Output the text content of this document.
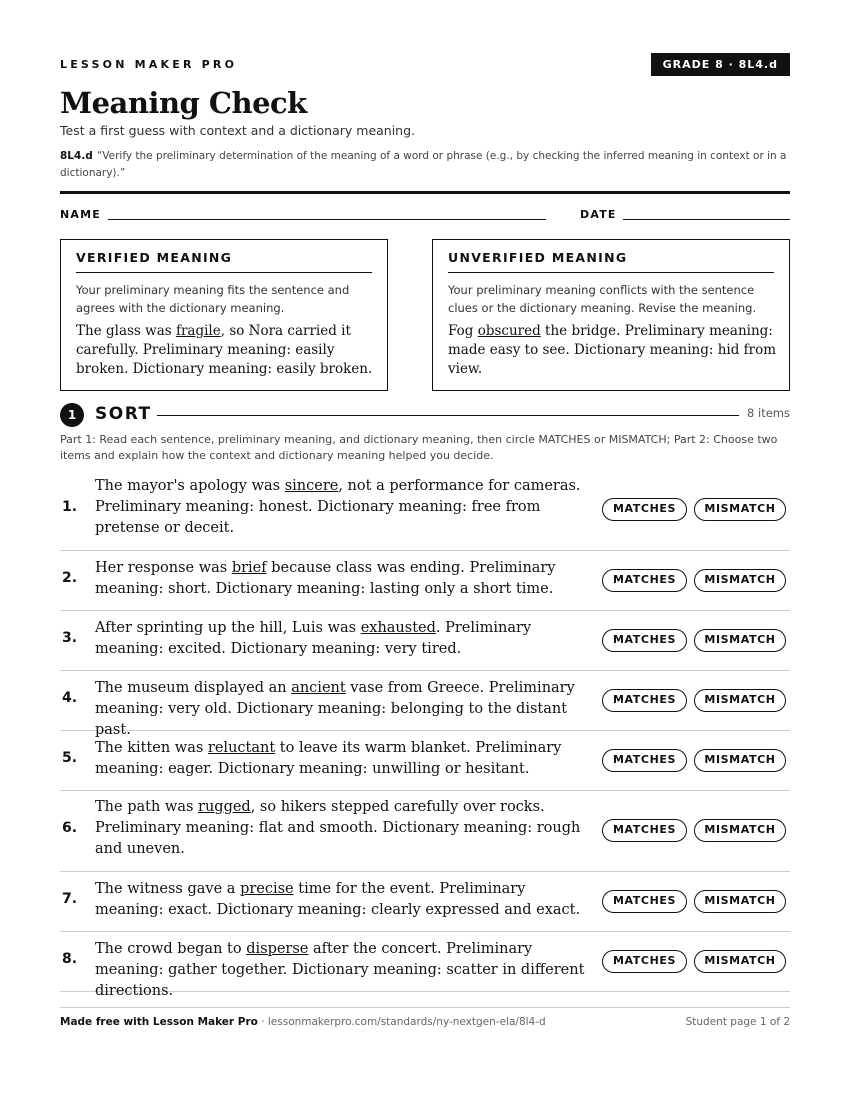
LESSON MAKER PRO	GRADE 8 · 8L4.d
Meaning Check
Test a first guess with context and a dictionary meaning.
8L4.d “Verify the preliminary determination of the meaning of a word or phrase (e.g., by checking the inferred meaning in context or in a dictionary).”
NAME	DATE
VERIFIED MEANING
Your preliminary meaning fits the sentence and agrees with the dictionary meaning.
The glass was fragile, so Nora carried it carefully. Preliminary meaning: easily broken. Dictionary meaning: easily broken.
UNVERIFIED MEANING
Your preliminary meaning conflicts with the sentence clues or the dictionary meaning. Revise the meaning.
Fog obscured the bridge. Preliminary meaning: made easy to see. Dictionary meaning: hid from view.
1	SORT	8 items
Part 1: Read each sentence, preliminary meaning, and dictionary meaning, then circle MATCHES or MISMATCH; Part 2: Choose two items and explain how the context and dictionary meaning helped you decide.
1.
The mayor's apology was sincere, not a performance for cameras. Preliminary meaning: honest. Dictionary meaning: free from pretense or deceit.
MATCHES	MISMATCH
2.
Her response was brief because class was ending. Preliminary meaning: short. Dictionary meaning: lasting only a short time.
MATCHES	MISMATCH
3.
After sprinting up the hill, Luis was exhausted. Preliminary meaning: excited. Dictionary meaning: very tired.
MATCHES	MISMATCH
4.
The museum displayed an ancient vase from Greece. Preliminary meaning: very old. Dictionary meaning: belonging to the distant past.
MATCHES	MISMATCH
5.
The kitten was reluctant to leave its warm blanket. Preliminary meaning: eager. Dictionary meaning: unwilling or hesitant.
MATCHES	MISMATCH
6.
The path was rugged, so hikers stepped carefully over rocks. Preliminary meaning: flat and smooth. Dictionary meaning: rough and uneven.
MATCHES	MISMATCH
7.
The witness gave a precise time for the event. Preliminary meaning: exact. Dictionary meaning: clearly expressed and exact.
MATCHES	MISMATCH
8.
The crowd began to disperse after the concert. Preliminary meaning: gather together. Dictionary meaning: scatter in different directions.
MATCHES	MISMATCH
Made free with Lesson Maker Pro · lessonmakerpro.com/standards/ny-nextgen-ela/8l4-d	Student page 1 of 2
